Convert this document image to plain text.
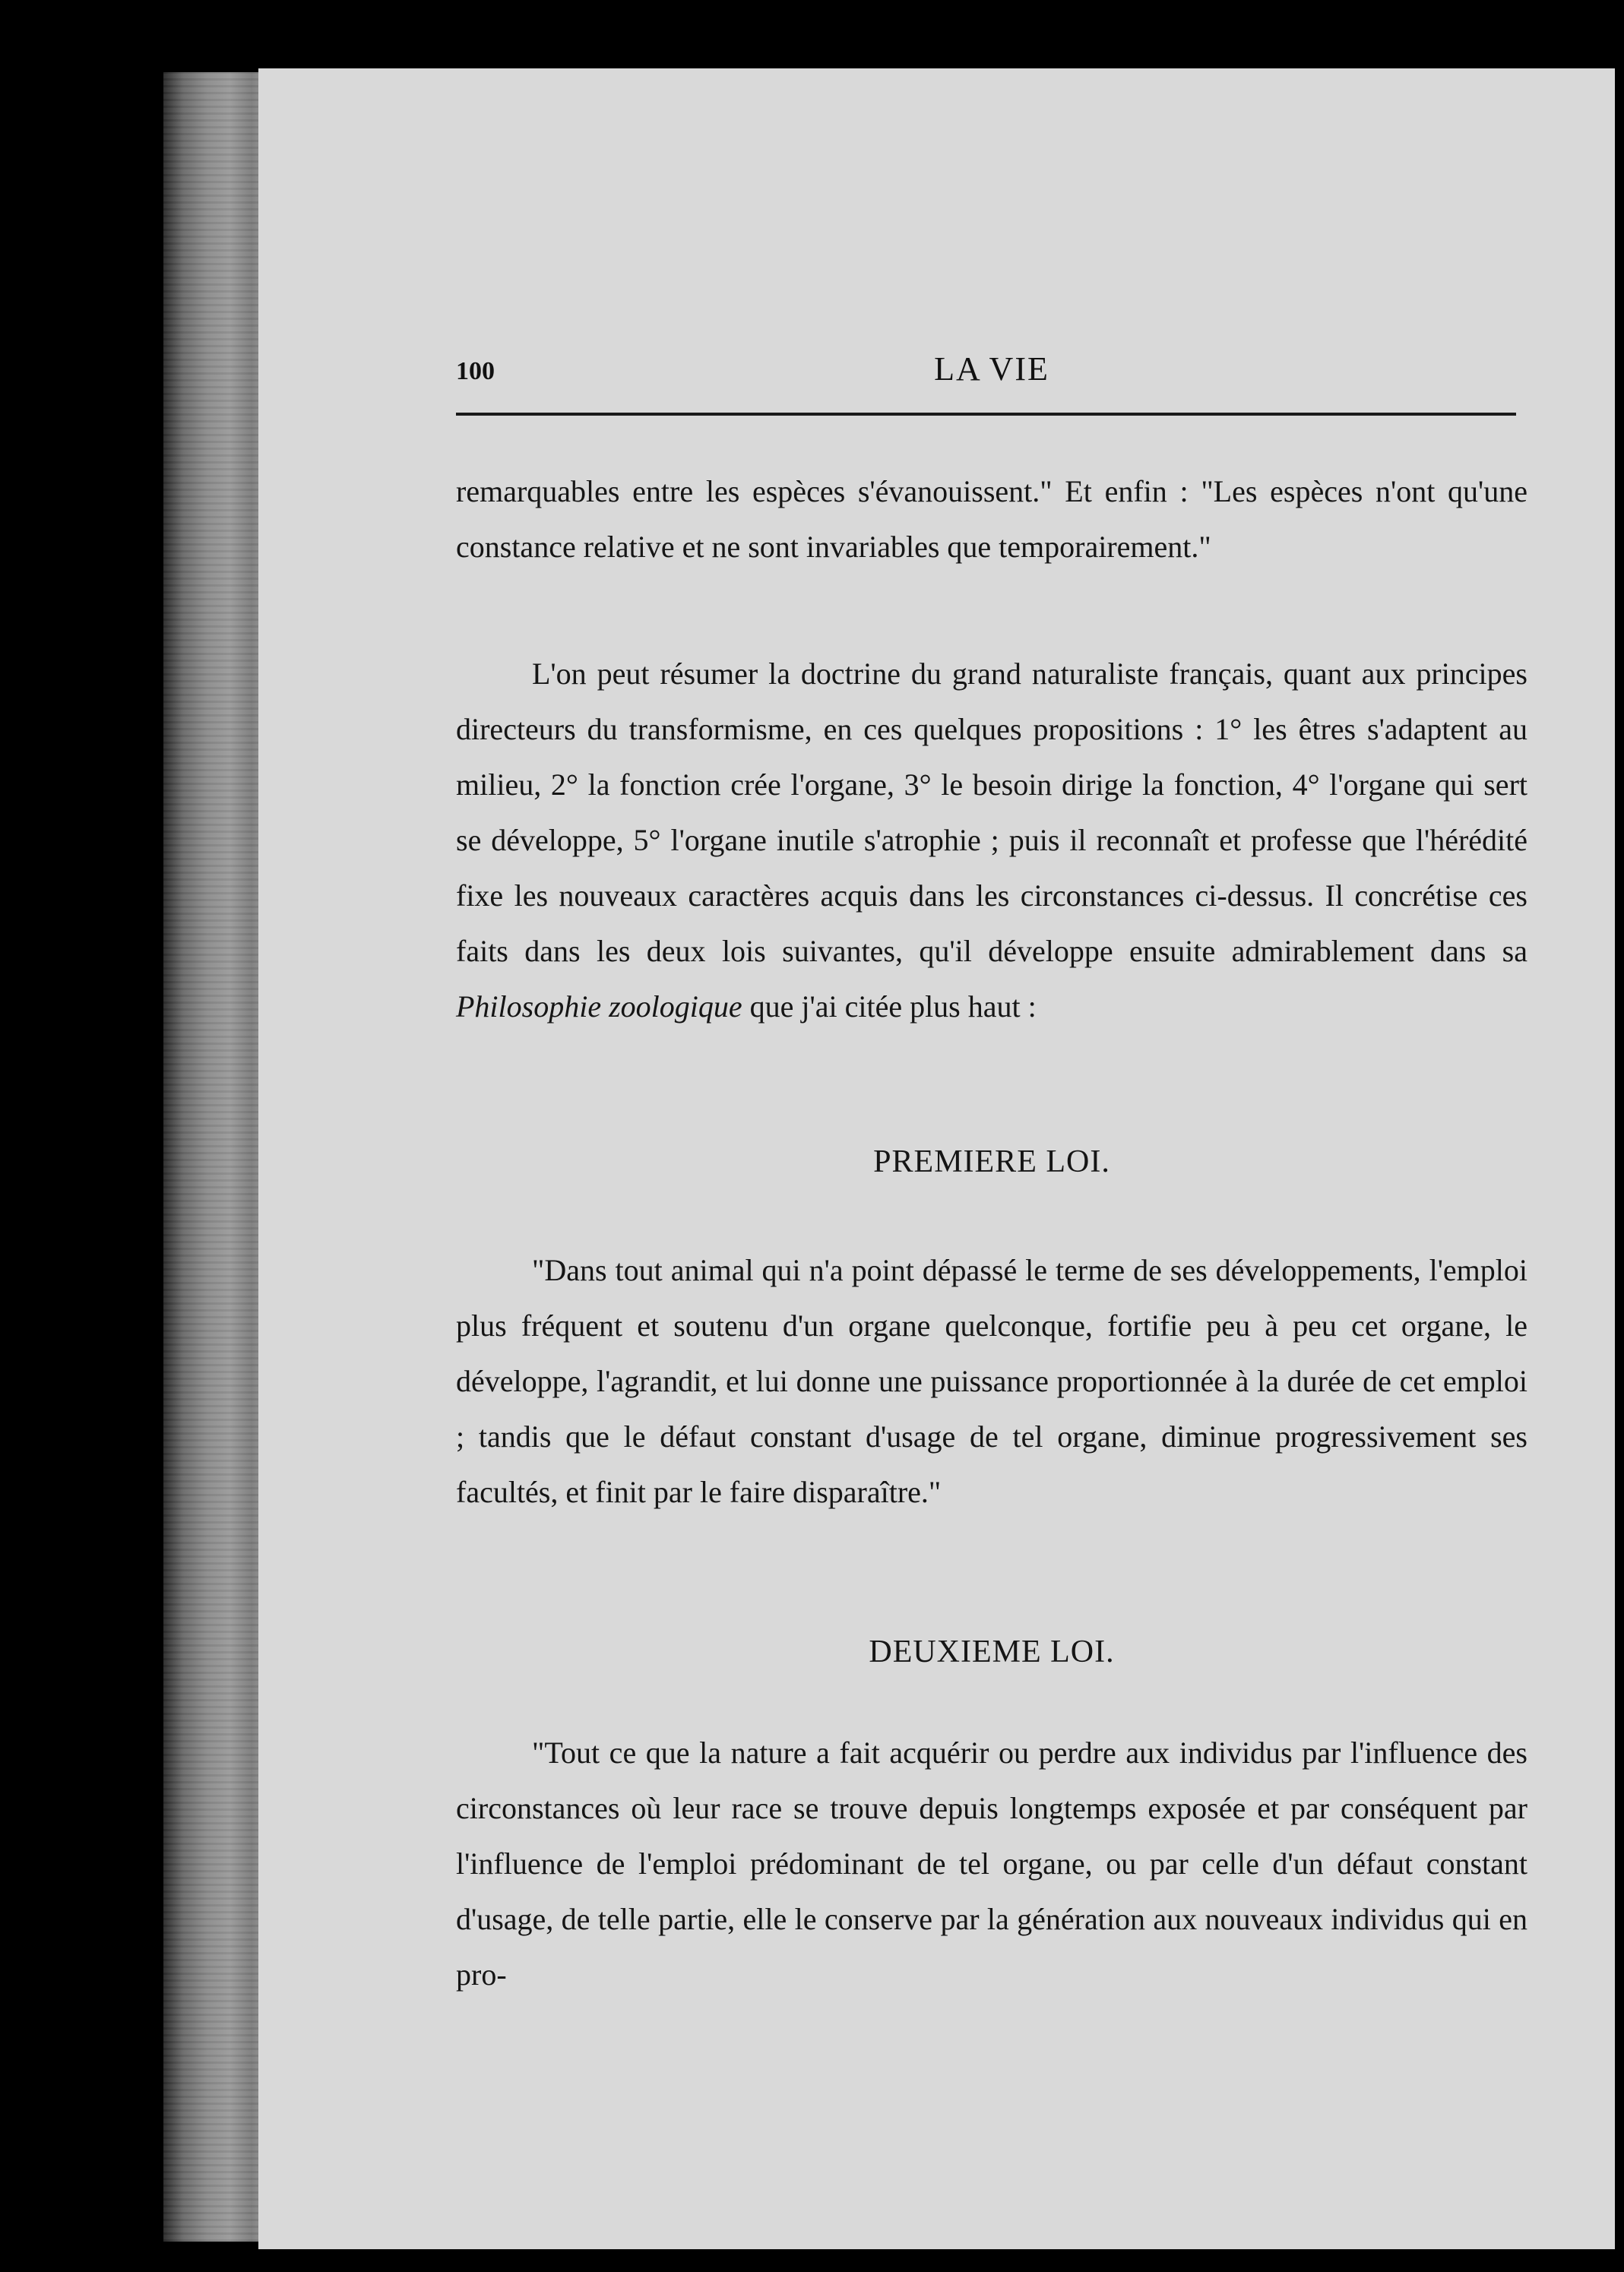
100	LA VIE

remarquables entre les espèces s'évanouissent." Et enfin : "Les espèces n'ont qu'une constance relative et ne sont invariables que temporairement."

L'on peut résumer la doctrine du grand naturaliste français, quant aux principes directeurs du transformisme, en ces quelques propositions : 1° les êtres s'adaptent au milieu, 2° la fonction crée l'organe, 3° le besoin dirige la fonction, 4° l'organe qui sert se développe, 5° l'organe inutile s'atrophie ; puis il reconnaît et professe que l'hérédité fixe les nouveaux caractères acquis dans les circonstances ci-dessus. Il concrétise ces faits dans les deux lois suivantes, qu'il développe ensuite admirablement dans sa Philosophie zoologique que j'ai citée plus haut :

PREMIERE LOI.

"Dans tout animal qui n'a point dépassé le terme de ses développements, l'emploi plus fréquent et soutenu d'un organe quelconque, fortifie peu à peu cet organe, le développe, l'agrandit, et lui donne une puissance proportionnée à la durée de cet emploi ; tandis que le défaut constant d'usage de tel organe, diminue progressivement ses facultés, et finit par le faire disparaître."

DEUXIEME LOI.

"Tout ce que la nature a fait acquérir ou perdre aux individus par l'influence des circonstances où leur race se trouve depuis longtemps exposée et par conséquent par l'influence de l'emploi prédominant de tel organe, ou par celle d'un défaut constant d'usage, de telle partie, elle le conserve par la génération aux nouveaux individus qui en pro-
